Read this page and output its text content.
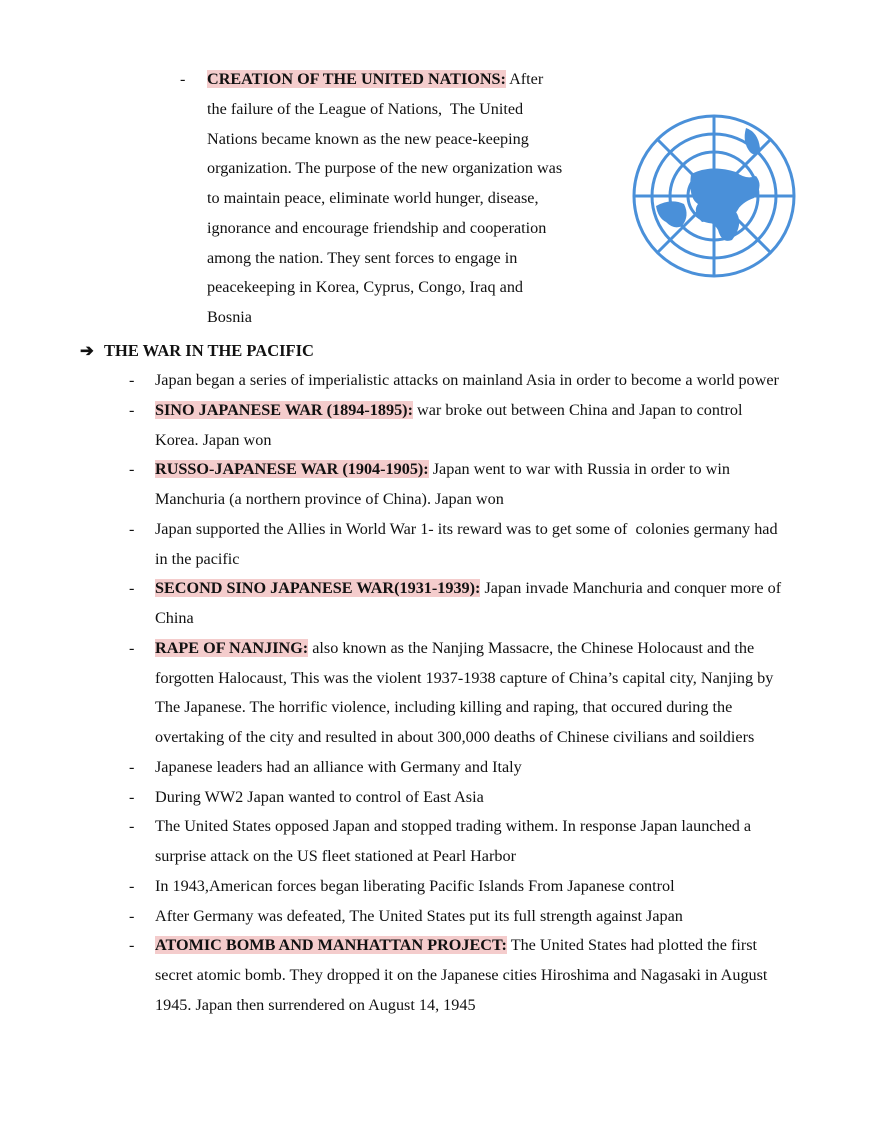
-	CREATION OF THE UNITED NATIONS: After
the failure of the League of Nations,  The United
Nations became known as the new peace-keeping
organization. The purpose of the new organization was
to maintain peace, eliminate world hunger, disease,
ignorance and encourage friendship and cooperation
among the nation. They sent forces to engage in
peacekeeping in Korea, Cyprus, Congo, Iraq and
Bosnia
➔ THE WAR IN THE PACIFIC
-	Japan began a series of imperialistic attacks on mainland Asia in order to become a world power
-	SINO JAPANESE WAR (1894-1895): war broke out between China and Japan to control
Korea. Japan won
-	RUSSO-JAPANESE WAR (1904-1905): Japan went to war with Russia in order to win
Manchuria (a northern province of China). Japan won
-	Japan supported the Allies in World War 1- its reward was to get some of  colonies germany had
in the pacific
-	SECOND SINO JAPANESE WAR(1931-1939): Japan invade Manchuria and conquer more of
China
-	RAPE OF NANJING: also known as the Nanjing Massacre, the Chinese Holocaust and the
forgotten Halocaust, This was the violent 1937-1938 capture of China’s capital city, Nanjing by
The Japanese. The horrific violence, including killing and raping, that occured during the
overtaking of the city and resulted in about 300,000 deaths of Chinese civilians and soildiers
-	Japanese leaders had an alliance with Germany and Italy
-	During WW2 Japan wanted to control of East Asia
-	The United States opposed Japan and stopped trading withem. In response Japan launched a
surprise attack on the US fleet stationed at Pearl Harbor
-	In 1943,American forces began liberating Pacific Islands From Japanese control
-	After Germany was defeated, The United States put its full strength against Japan
-	ATOMIC BOMB AND MANHATTAN PROJECT: The United States had plotted the first
secret atomic bomb. They dropped it on the Japanese cities Hiroshima and Nagasaki in August
1945. Japan then surrendered on August 14, 1945
